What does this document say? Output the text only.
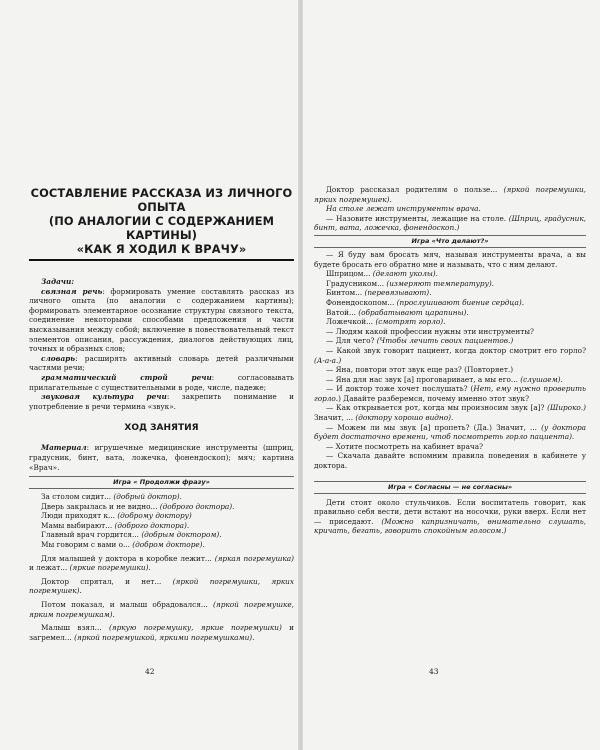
СОСТАВЛЕНИЕ РАССКАЗА ИЗ ЛИЧНОГО ОПЫТА

(ПО АНАЛОГИИ С СОДЕРЖАНИЕМ КАРТИНЫ)

«КАК Я ХОДИЛ К ВРАЧУ»

Задачи:

связная речь: формировать умение составлять рассказ из личного опыта (по аналогии с содержанием картины); формировать элементарное осознание структуры связного текста, соединение некоторыми способами предложения и части высказывания между собой; включение в повествовательный текст элементов описания, рассуждения, диалогов действующих лиц, точных и образных слов;

словарь: расширять активный словарь детей различными частями речи;

грамматический строй речи: согласовывать прилагательные с существительными в роде, числе, падеже;

звуковая культура речи: закрепить понимание и употребление в речи термина «звук».

ХОД ЗАНЯТИЯ

Материал: игрушечные медицинские инструменты (шприц, градусник, бинт, вата, ложечка, фонендоскоп); мяч; картина «Врач».

Игра « Продолжи фразу»

За столом сидит... (добрый доктор).

Дверь закрылась и не видно... (доброго доктора).

Люди приходят к... (доброму доктору)

Мамы выбирают... (доброго доктора).

Главный врач гордится... (добрым доктором).

Мы говорим с вами о... (добром докторе).

Для малышей у доктора в коробке лежит... (яркая погремушка) и лежат... (яркие погремушки).

Доктор спрятал, и нет... (яркой погремушки, ярких погремушек).

Потом показал, и малыш обрадовался... (яркой погремушке, ярким погремушкам).

Малыш взял... (яркую погремушку, яркие погремушки) и загремел... (яркой погремушкой, яркими погремушками).

Доктор рассказал родителям о пользе... (яркой погремушки, ярких погремушек).

На столе лежат инструменты врача.

— Назовите инструменты, лежащие на столе. (Шприц, градусник, бинт, вата, ложечка, фонендоскоп.)

Игра «Что делают?»

— Я буду вам бросать мяч, называя инструменты врача, а вы будете бросать его обратно мне и называть, что с ним делают.

Шприцом... (делают уколы).

Градусником... (измеряют температуру).

Бинтом... (перевязывают).

Фонендоскопом... (прослушивают биение сердца).

Ватой... (обрабатывают царапины).

Ложечкой... (смотрят горло).

— Людям какой профессии нужны эти инструменты?

— Для чего? (Чтобы лечить своих пациентов.)

— Какой звук говорит пациент, когда доктор смотрит его горло? (А-а-а.)

— Яна, повтори этот звук еще раз? (Повторяет.)

— Яна для нас звук [а] проговаривает, а мы его... (слушаем).

— И доктор тоже хочет послушать? (Нет, ему нужно проверить горло.) Давайте разберемся, почему именно этот звук?

— Как открывается рот, когда мы произносим звук [а]? (Широко.) Значит, ... (доктору хорошо видно).

— Можем ли мы звук [а] пропеть? (Да.) Значит, ... (у доктора будет достаточно времени, чтоб посмотреть горло пациента).

— Хотите посмотреть на кабинет врача?

— Скачала давайте вспомним правила поведения в кабинете у доктора.

Игра « Согласны — не согласны»

Дети стоят около стульчиков. Если воспитатель говорит, как правильно себя вести, дети встают на носочки, руки вверх. Если нет — приседают. (Можно капризничать, внимательно слушать, кричать, бегать, говорить спокойным голосом.)

42	43
